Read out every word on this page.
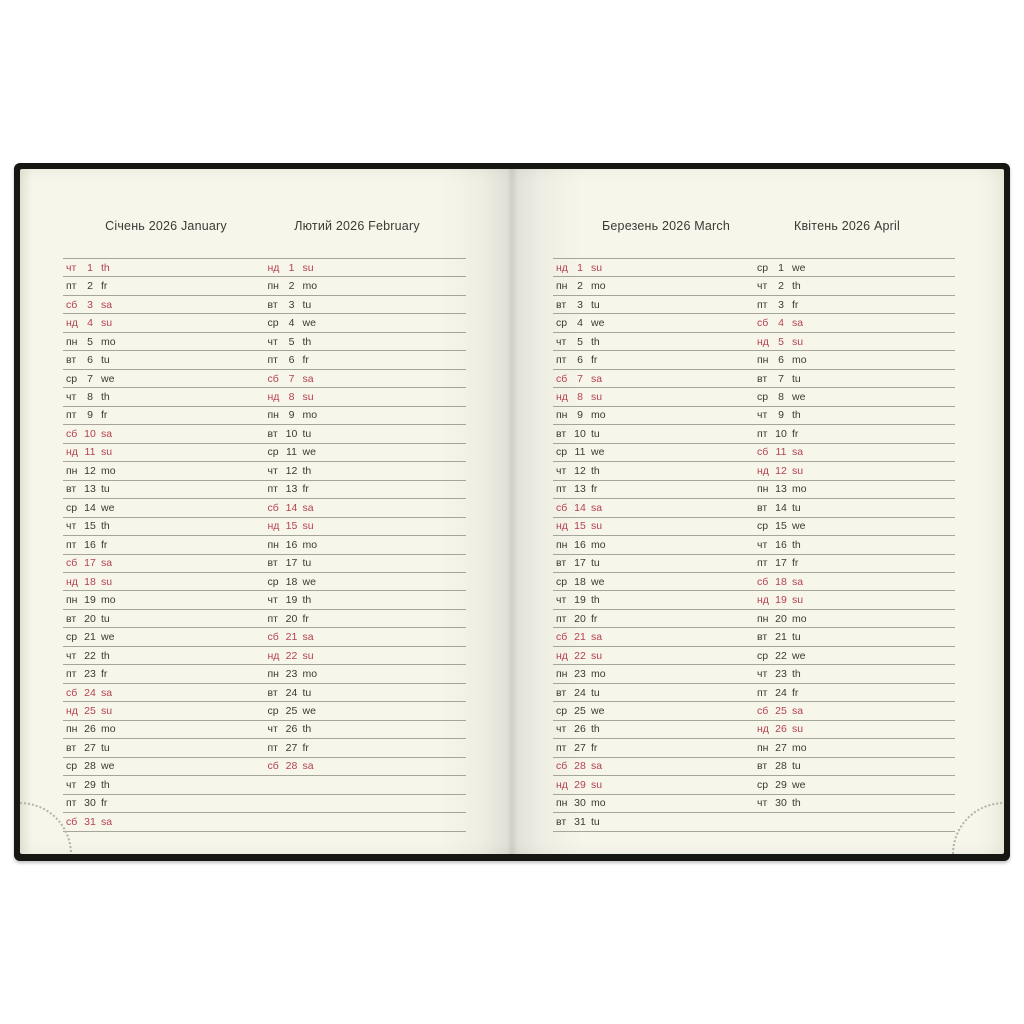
Січень 2026 January	Лютий 2026 February	Березень 2026 March	Квітень 2026 April
чт	1 th	нд 1 su
пт	2 fr	пн 2 mo
сб 3 sa	вт	3 tu
нд 4 su	ср 4 we
пн 5 mo	чт	5 th
вт	6 tu	пт	6 fr
ср 7 we	сб 7 sa
чт	8 th	нд 8 su
пт	9 fr	пн 9 mo
сб 10 sa	вт 10 tu
нд 11 su	ср 11 we
пн 12 mo	чт 12 th
вт 13 tu	пт 13 fr
ср 14 we	сб 14 sa
чт 15 th	нд 15 su
пт 16 fr	пн 16 mo
сб 17 sa	вт 17 tu
нд 18 su	ср 18 we
пн 19 mo	чт 19 th
вт 20 tu	пт 20 fr
ср 21 we	сб 21 sa
чт 22 th	нд 22 su
пт 23 fr	пн 23 mo
сб 24 sa	вт 24 tu
нд 25 su	ср 25 we
пн 26 mo	чт 26 th
вт 27 tu	пт 27 fr
ср 28 we	сб 28 sa
чт 29 th
пт 30 fr
сб 31 sa
нд 1 su	ср 1 we
пн 2 mo	чт	2 th
вт	3 tu	пт	3 fr
ср 4 we	сб 4 sa
чт	5 th	нд 5 su
пт	6 fr	пн 6 mo
сб 7 sa	вт	7 tu
нд 8 su	ср 8 we
пн 9 mo	чт	9 th
вт 10 tu	пт 10 fr
ср 11 we	сб 11 sa
чт 12 th	нд 12 su
пт 13 fr	пн 13 mo
сб 14 sa	вт 14 tu
нд 15 su	ср 15 we
пн 16 mo	чт 16 th
вт 17 tu	пт 17 fr
ср 18 we	сб 18 sa
чт 19 th	нд 19 su
пт 20 fr	пн 20 mo
сб 21 sa	вт 21 tu
нд 22 su	ср 22 we
пн 23 mo	чт 23 th
вт 24 tu	пт 24 fr
ср 25 we	сб 25 sa
чт 26 th	нд 26 su
пт 27 fr	пн 27 mo
сб 28 sa	вт 28 tu
нд 29 su	ср 29 we
пн 30 mo	чт 30 th
вт 31 tu
